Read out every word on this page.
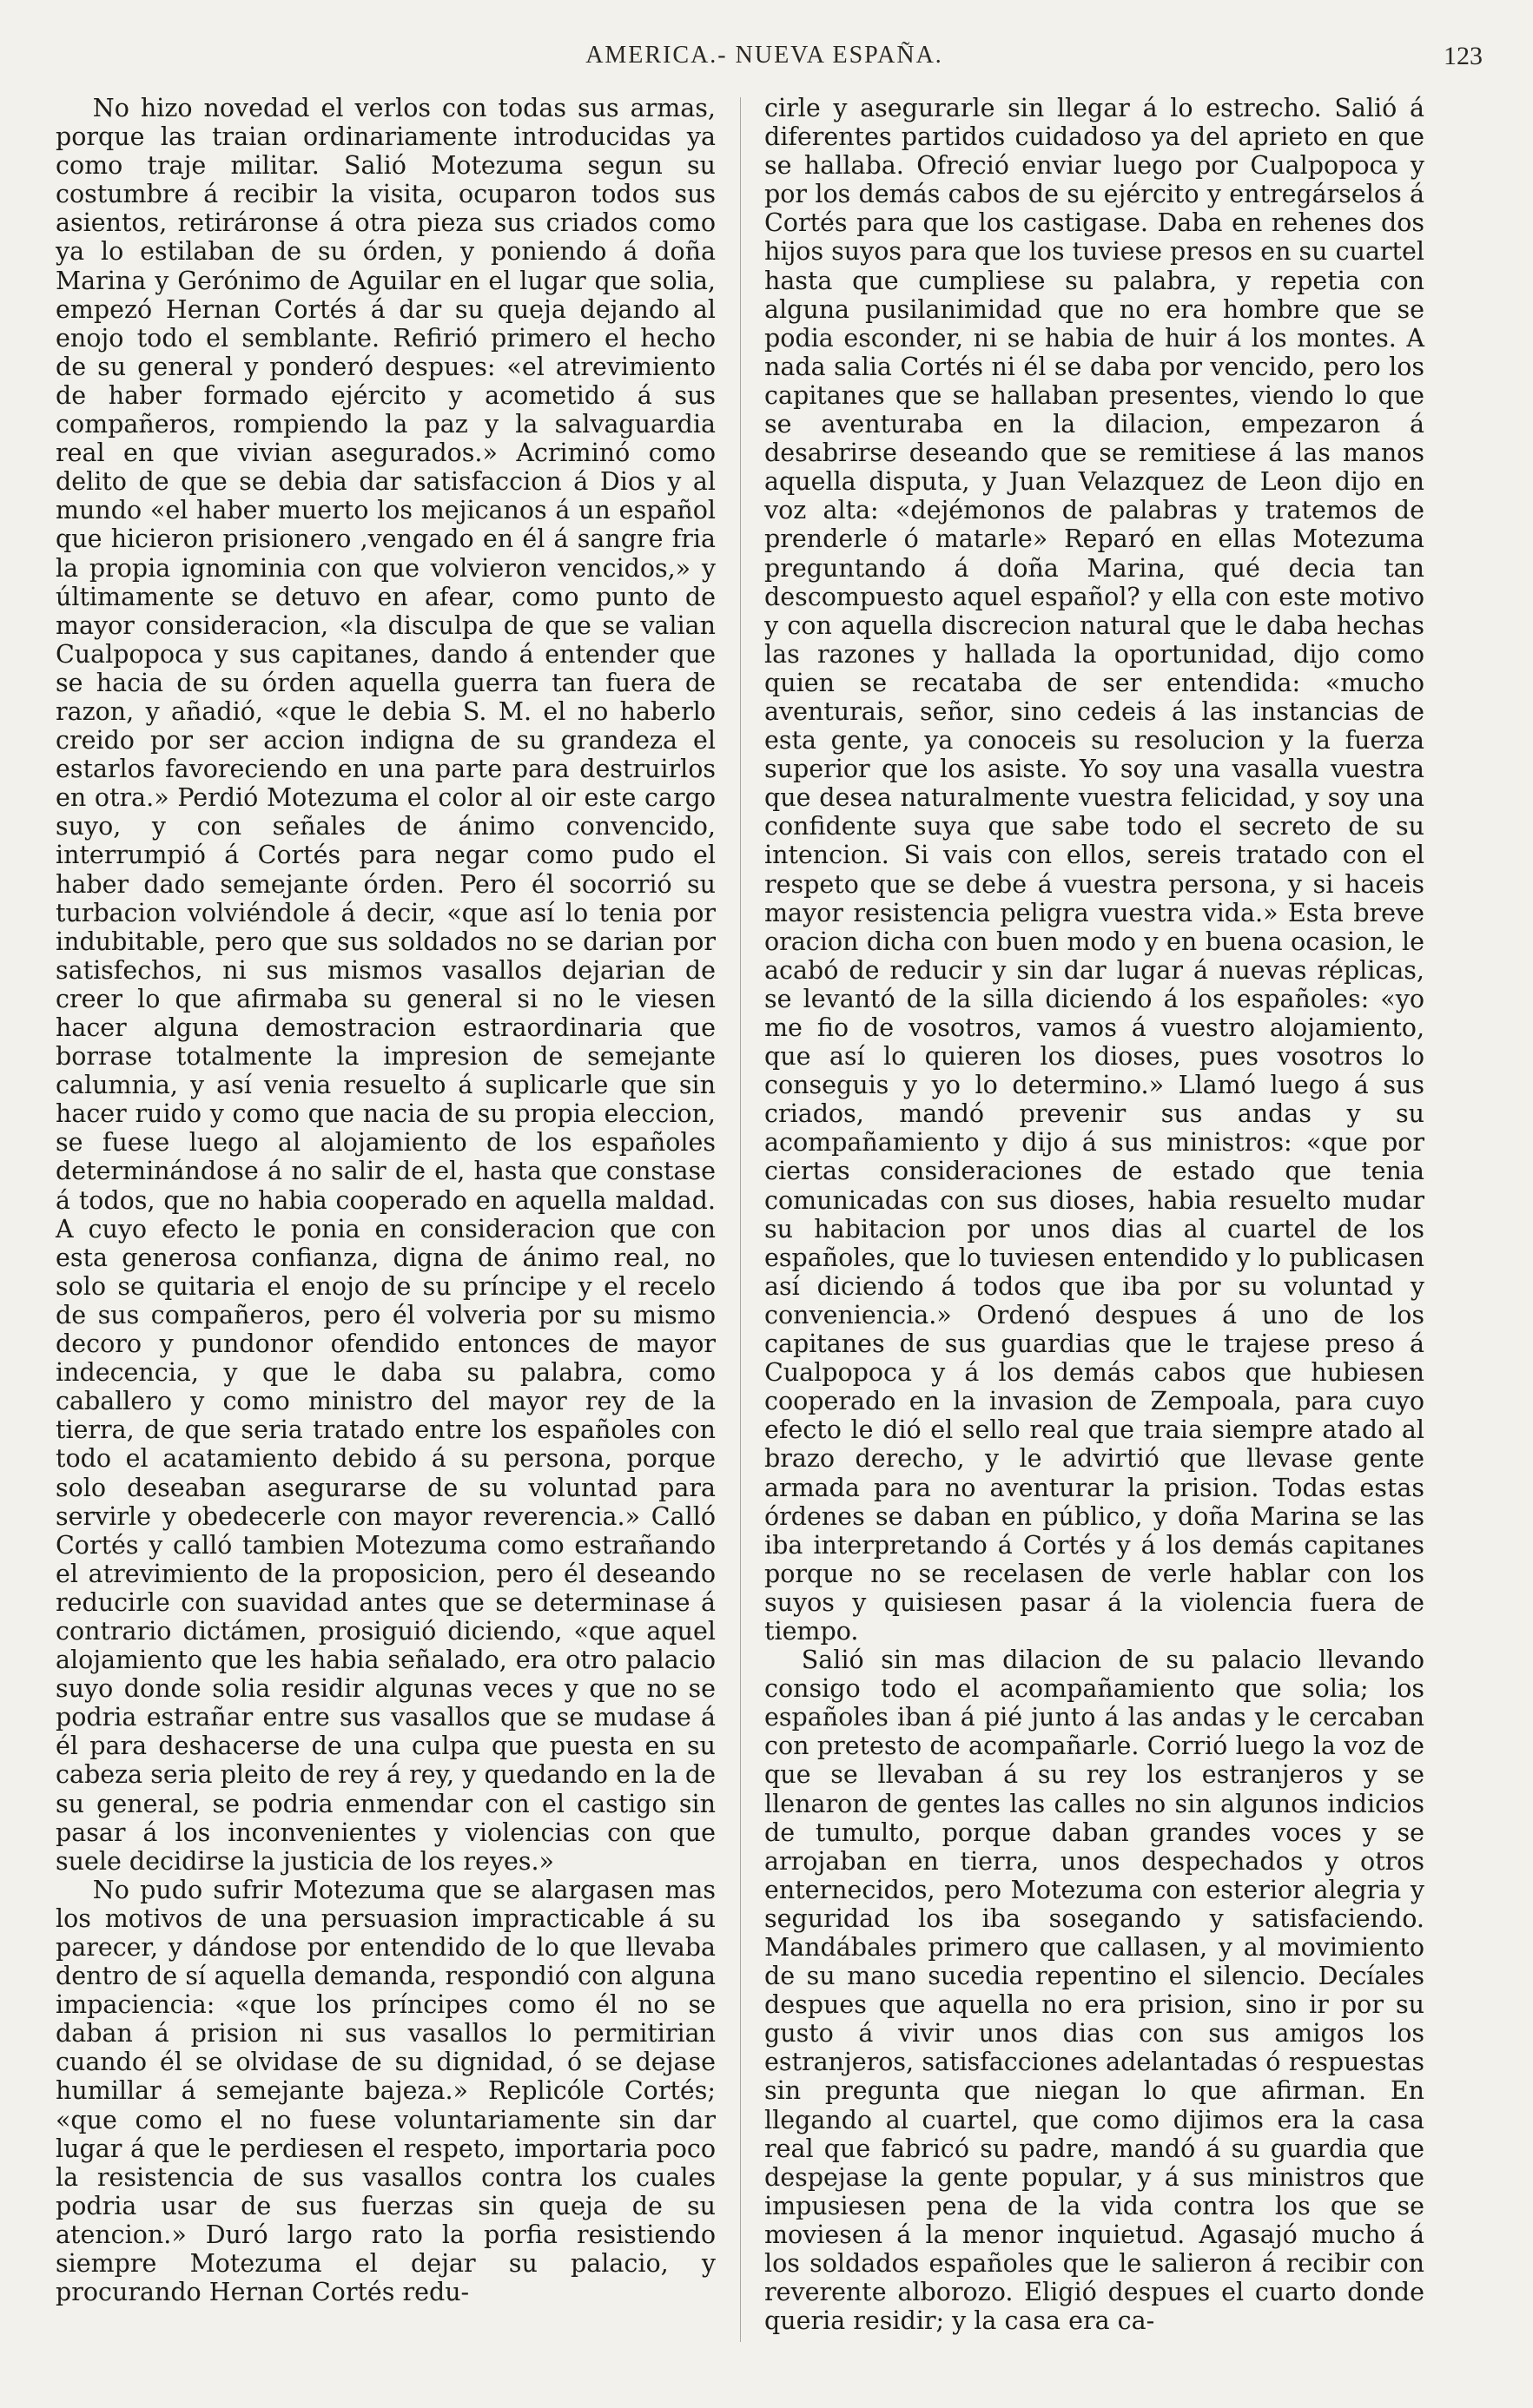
AMERICA.- NUEVA ESPAÑA.	123

No hizo novedad el verlos con todas sus armas, porque las traian ordinariamente introducidas ya como traje militar. Salió Motezuma segun su costumbre á recibir la visita, ocuparon todos sus asientos, retiráronse á otra pieza sus criados como ya lo estilaban de su órden, y poniendo á doña Marina y Gerónimo de Aguilar en el lugar que solia, empezó Hernan Cortés á dar su queja dejando al enojo todo el semblante. Refirió primero el hecho de su general y ponderó despues: «el atrevimiento de haber formado ejército y acometido á sus compañeros, rompiendo la paz y la salvaguardia real en que vivian asegurados.» Acriminó como delito de que se debia dar satisfaccion á Dios y al mundo «el haber muerto los mejicanos á un español que hicieron prisionero ,vengado en él á sangre fria la propia ignominia con que volvieron vencidos,» y últimamente se detuvo en afear, como punto de mayor consideracion, «la disculpa de que se valian Cualpopoca y sus capitanes, dando á entender que se hacia de su órden aquella guerra tan fuera de razon, y añadió, «que le debia S. M. el no haberlo creido por ser accion indigna de su grandeza el estarlos favoreciendo en una parte para destruirlos en otra.» Perdió Motezuma el color al oir este cargo suyo, y con señales de ánimo convencido, interrumpió á Cortés para negar como pudo el haber dado semejante órden. Pero él socorrió su turbacion volviéndole á decir, «que así lo tenia por indubitable, pero que sus soldados no se darian por satisfechos, ni sus mismos vasallos dejarian de creer lo que afirmaba su general si no le viesen hacer alguna demostracion estraordinaria que borrase totalmente la impresion de semejante calumnia, y así venia resuelto á suplicarle que sin hacer ruido y como que nacia de su propia eleccion, se fuese luego al alojamiento de los españoles determinándose á no salir de el, hasta que constase á todos, que no habia cooperado en aquella maldad. A cuyo efecto le ponia en consideracion que con esta generosa confianza, digna de ánimo real, no solo se quitaria el enojo de su príncipe y el recelo de sus compañeros, pero él volveria por su mismo decoro y pundonor ofendido entonces de mayor indecencia, y que le daba su palabra, como caballero y como ministro del mayor rey de la tierra, de que seria tratado entre los españoles con todo el acatamiento debido á su persona, porque solo deseaban asegurarse de su voluntad para servirle y obedecerle con mayor reverencia.» Calló Cortés y calló tambien Motezuma como estrañando el atrevimiento de la proposicion, pero él deseando reducirle con suavidad antes que se determinase á contrario dictámen, prosiguió diciendo, «que aquel alojamiento que les habia señalado, era otro palacio suyo donde solia residir algunas veces y que no se podria estrañar entre sus vasallos que se mudase á él para deshacerse de una culpa que puesta en su cabeza seria pleito de rey á rey, y quedando en la de su general, se podria enmendar con el castigo sin pasar á los inconvenientes y violencias con que suele decidirse la justicia de los reyes.»

No pudo sufrir Motezuma que se alargasen mas los motivos de una persuasion impracticable á su parecer, y dándose por entendido de lo que llevaba dentro de sí aquella demanda, respondió con alguna impaciencia: «que los príncipes como él no se daban á prision ni sus vasallos lo permitirian cuando él se olvidase de su dignidad, ó se dejase humillar á semejante bajeza.» Replicóle Cortés; «que como el no fuese voluntariamente sin dar lugar á que le perdiesen el respeto, importaria poco la resistencia de sus vasallos contra los cuales podria usar de sus fuerzas sin queja de su atencion.» Duró largo rato la porfia resistiendo siempre Motezuma el dejar su palacio, y procurando Hernan Cortés redu-

cirle y asegurarle sin llegar á lo estrecho. Salió á diferentes partidos cuidadoso ya del aprieto en que se hallaba. Ofreció enviar luego por Cualpopoca y por los demás cabos de su ejército y entregárselos á Cortés para que los castigase. Daba en rehenes dos hijos suyos para que los tuviese presos en su cuartel hasta que cumpliese su palabra, y repetia con alguna pusilanimidad que no era hombre que se podia esconder, ni se habia de huir á los montes. A nada salia Cortés ni él se daba por vencido, pero los capitanes que se hallaban presentes, viendo lo que se aventuraba en la dilacion, empezaron á desabrirse deseando que se remitiese á las manos aquella disputa, y Juan Velazquez de Leon dijo en voz alta: «dejémonos de palabras y tratemos de prenderle ó matarle» Reparó en ellas Motezuma preguntando á doña Marina, qué decia tan descompuesto aquel español? y ella con este motivo y con aquella discrecion natural que le daba hechas las razones y hallada la oportunidad, dijo como quien se recataba de ser entendida: «mucho aventurais, señor, sino cedeis á las instancias de esta gente, ya conoceis su resolucion y la fuerza superior que los asiste. Yo soy una vasalla vuestra que desea naturalmente vuestra felicidad, y soy una confidente suya que sabe todo el secreto de su intencion. Si vais con ellos, sereis tratado con el respeto que se debe á vuestra persona, y si haceis mayor resistencia peligra vuestra vida.» Esta breve oracion dicha con buen modo y en buena ocasion, le acabó de reducir y sin dar lugar á nuevas réplicas, se levantó de la silla diciendo á los españoles: «yo me fio de vosotros, vamos á vuestro alojamiento, que así lo quieren los dioses, pues vosotros lo conseguis y yo lo determino.» Llamó luego á sus criados, mandó prevenir sus andas y su acompañamiento y dijo á sus ministros: «que por ciertas consideraciones de estado que tenia comunicadas con sus dioses, habia resuelto mudar su habitacion por unos dias al cuartel de los españoles, que lo tuviesen entendido y lo publicasen así diciendo á todos que iba por su voluntad y conveniencia.» Ordenó despues á uno de los capitanes de sus guardias que le trajese preso á Cualpopoca y á los demás cabos que hubiesen cooperado en la invasion de Zempoala, para cuyo efecto le dió el sello real que traia siempre atado al brazo derecho, y le advirtió que llevase gente armada para no aventurar la prision. Todas estas órdenes se daban en público, y doña Marina se las iba interpretando á Cortés y á los demás capitanes porque no se recelasen de verle hablar con los suyos y quisiesen pasar á la violencia fuera de tiempo.

Salió sin mas dilacion de su palacio llevando consigo todo el acompañamiento que solia; los españoles iban á pié junto á las andas y le cercaban con pretesto de acompañarle. Corrió luego la voz de que se llevaban á su rey los estranjeros y se llenaron de gentes las calles no sin algunos indicios de tumulto, porque daban grandes voces y se arrojaban en tierra, unos despechados y otros enternecidos, pero Motezuma con esterior alegria y seguridad los iba sosegando y satisfaciendo. Mandábales primero que callasen, y al movimiento de su mano sucedia repentino el silencio. Decíales despues que aquella no era prision, sino ir por su gusto á vivir unos dias con sus amigos los estranjeros, satisfacciones adelantadas ó respuestas sin pregunta que niegan lo que afirman. En llegando al cuartel, que como dijimos era la casa real que fabricó su padre, mandó á su guardia que despejase la gente popular, y á sus ministros que impusiesen pena de la vida contra los que se moviesen á la menor inquietud. Agasajó mucho á los soldados españoles que le salieron á recibir con reverente alborozo. Eligió despues el cuarto donde queria residir; y la casa era ca-
